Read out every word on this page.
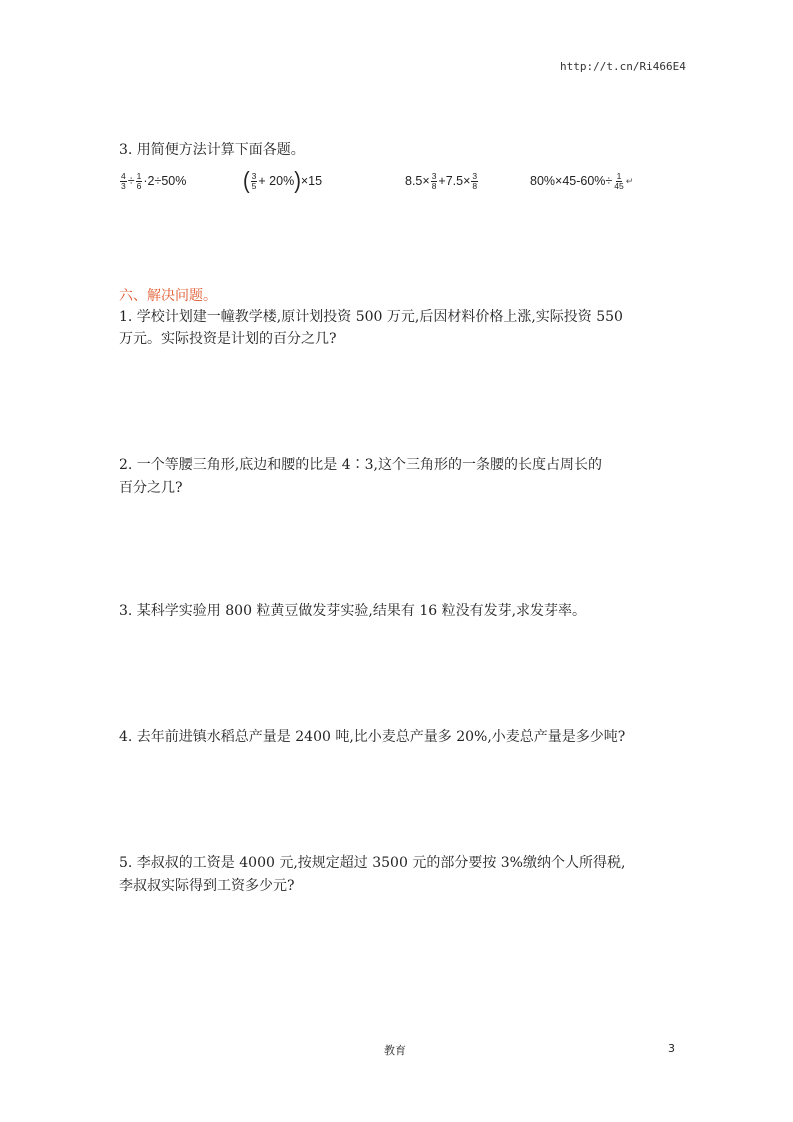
http://t.cn/Ri466E4
3. 用简便方法计算下面各题。
$\frac{4}{3} \div \frac{1}{6} \cdot 2\div 50\%$	( $\frac{3}{5} + 20\%$ ) ×15	$8.5\times \frac{3}{8} +7.5\times \frac{3}{8}$	$80\%\times 45-60\%\div \frac{1}{45}$ ↵
六、解决问题。
1. 学校计划建一幢教学楼,原计划投资 500 万元,后因材料价格上涨,实际投资 550
万元。实际投资是计划的百分之几?
2. 一个等腰三角形,底边和腰的比是 4∶3,这个三角形的一条腰的长度占周长的
百分之几?
3. 某科学实验用 800 粒黄豆做发芽实验,结果有 16 粒没有发芽,求发芽率。
4. 去年前进镇水稻总产量是 2400 吨,比小麦总产量多 20%,小麦总产量是多少吨?
5. 李叔叔的工资是 4000 元,按规定超过 3500 元的部分要按 3%缴纳个人所得税,
李叔叔实际得到工资多少元?
教育	3
